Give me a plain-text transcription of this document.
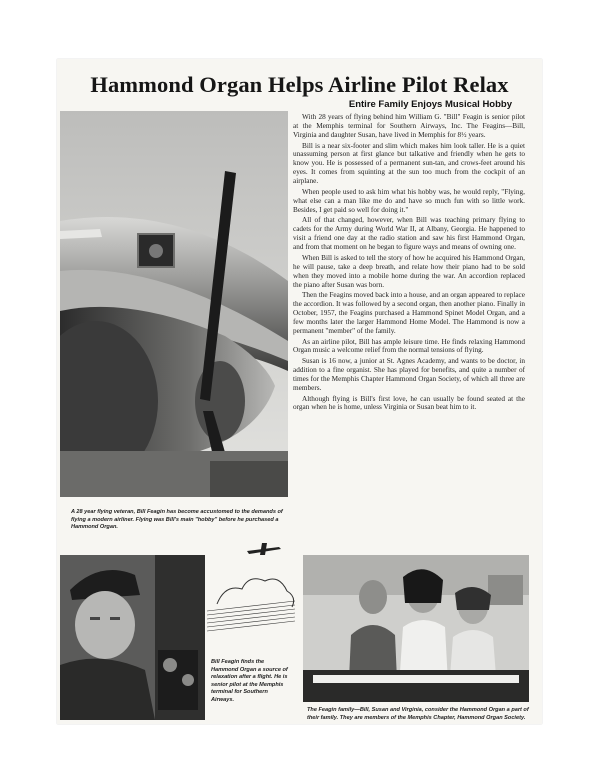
Hammond Organ Helps Airline Pilot Relax
Entire Family Enjoys Musical Hobby
A 28 year flying veteran, Bill Feagin has become accustomed to the demands of flying a modern airliner. Flying was Bill's main "hobby" before he purchased a Hammond Organ.

With 28 years of flying behind him William G. "Bill" Feagin is senior pilot at the Memphis terminal for Southern Airways, Inc. The Feagins—Bill, Virginia and daughter Susan, have lived in Memphis for 8½ years.

Bill is a near six-footer and slim which makes him look taller. He is a quiet unassuming person at first glance but talkative and friendly when he gets to know you. He is possessed of a permanent sun-tan, and crows-feet around his eyes. It comes from squinting at the sun too much from the cockpit of an airplane.

When people used to ask him what his hobby was, he would reply, "Flying, what else can a man like me do and have so much fun with so little work. Besides, I get paid so well for doing it."

All of that changed, however, when Bill was teaching primary flying to cadets for the Army during World War II, at Albany, Georgia. He happened to visit a friend one day at the radio station and saw his first Hammond Organ, and from that moment on he began to figure ways and means of owning one.

When Bill is asked to tell the story of how he acquired his Hammond Organ, he will pause, take a deep breath, and relate how their piano had to be sold when they moved into a mobile home during the war. An accordion replaced the piano after Susan was born.

Then the Feagins moved back into a house, and an organ appeared to replace the accordion. It was followed by a second organ, then another piano. Finally in October, 1957, the Feagins purchased a Hammond Spinet Model Organ, and a few months later the larger Hammond Home Model. The Hammond is now a permanent "member" of the family.

As an airline pilot, Bill has ample leisure time. He finds relaxing Hammond Organ music a welcome relief from the normal tensions of flying.

Susan is 16 now, a junior at St. Agnes Academy, and wants to be doctor, in addition to a fine organist. She has played for benefits, and quite a number of times for the Memphis Chapter Hammond Organ Society, of which all three are members.

Although flying is Bill's first love, he can usually be found seated at the organ when he is home, unless Virginia or Susan beat him to it.

Bill Feagin finds the Hammond Organ a source of relaxation after a flight. He is senior pilot at the Memphis terminal for Southern Airways.
The Feagin family—Bill, Susan and Virginia, consider the Hammond Organ a part of their family. They are members of the Memphis Chapter, Hammond Organ Society.
